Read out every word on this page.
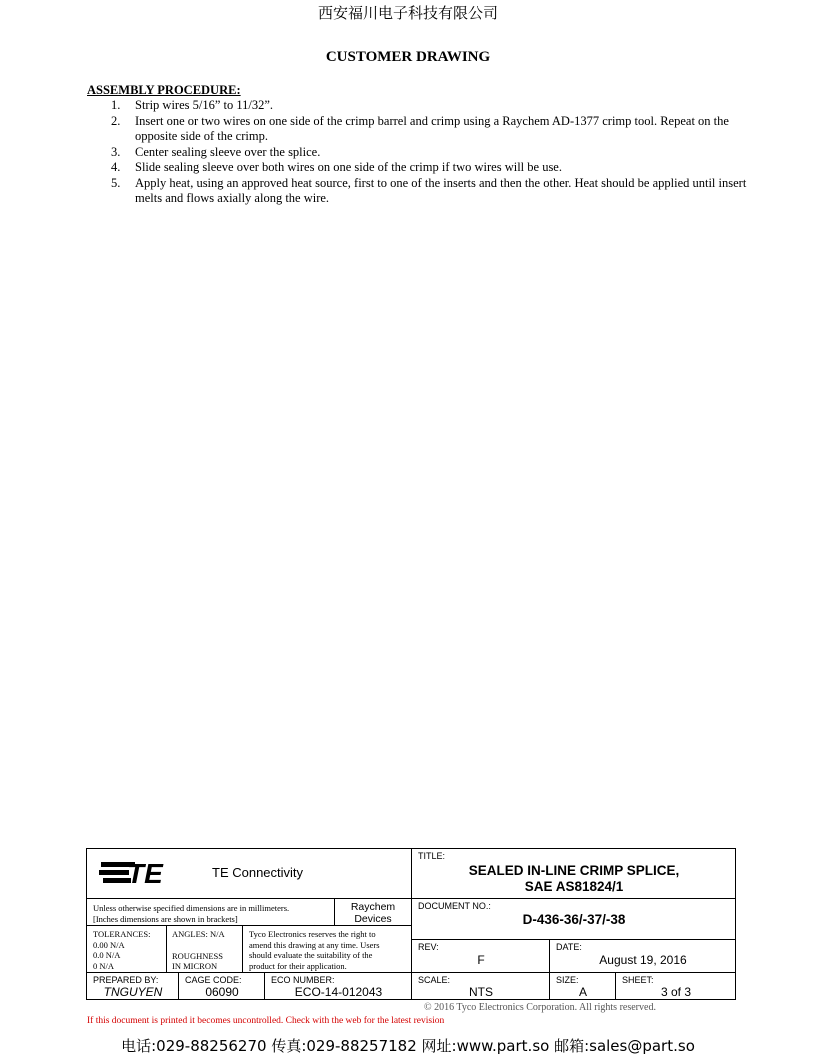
西安福川电子科技有限公司
CUSTOMER DRAWING
ASSEMBLY PROCEDURE:
1. Strip wires 5/16” to 11/32”.
2. Insert one or two wires on one side of the crimp barrel and crimp using a Raychem AD-1377 crimp tool. Repeat on the opposite side of the crimp.
3. Center sealing sleeve over the splice.
4. Slide sealing sleeve over both wires on one side of the crimp if two wires will be use.
5. Apply heat, using an approved heat source, first to one of the inserts and then the other. Heat should be applied until insert melts and flows axially along the wire.
TE	TE Connectivity
TITLE:
SEALED IN-LINE CRIMP SPLICE,
SAE AS81824/1
Unless otherwise specified dimensions are in millimeters.
[Inches dimensions are shown in brackets]
Raychem
Devices
DOCUMENT NO.:
D-436-36/-37/-38
TOLERANCES:
0.00 N/A
0.0 N/A
0 N/A
ANGLES: N/A
ROUGHNESS
IN MICRON
Tyco Electronics reserves the right to
amend this drawing at any time. Users
should evaluate the suitability of the
product for their application.
REV:
F
DATE:
August 19, 2016
PREPARED BY:
TNGUYEN
CAGE CODE:
06090
ECO NUMBER:
ECO-14-012043
SCALE:
NTS
SIZE:
A
SHEET:
3 of 3
© 2016 Tyco Electronics Corporation. All rights reserved.
If this document is printed it becomes uncontrolled. Check with the web for the latest revision
电话:029-88256270 传真:029-88257182 网址:www.part.so 邮箱:sales@part.so
